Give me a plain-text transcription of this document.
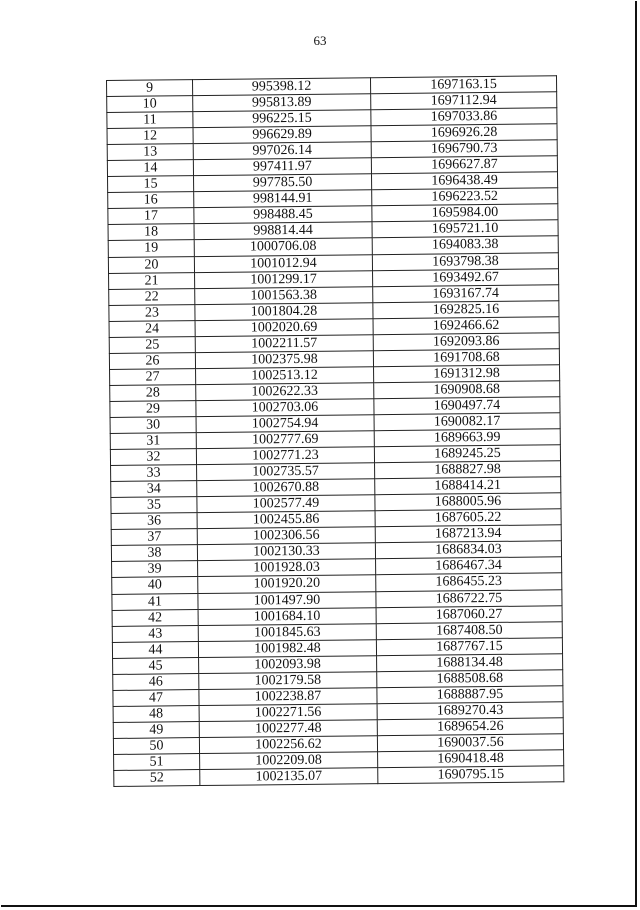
63
9	995398.12	1697163.15
10	995813.89	1697112.94
11	996225.15	1697033.86
12	996629.89	1696926.28
13	997026.14	1696790.73
14	997411.97	1696627.87
15	997785.50	1696438.49
16	998144.91	1696223.52
17	998488.45	1695984.00
18	998814.44	1695721.10
19	1000706.08	1694083.38
20	1001012.94	1693798.38
21	1001299.17	1693492.67
22	1001563.38	1693167.74
23	1001804.28	1692825.16
24	1002020.69	1692466.62
25	1002211.57	1692093.86
26	1002375.98	1691708.68
27	1002513.12	1691312.98
28	1002622.33	1690908.68
29	1002703.06	1690497.74
30	1002754.94	1690082.17
31	1002777.69	1689663.99
32	1002771.23	1689245.25
33	1002735.57	1688827.98
34	1002670.88	1688414.21
35	1002577.49	1688005.96
36	1002455.86	1687605.22
37	1002306.56	1687213.94
38	1002130.33	1686834.03
39	1001928.03	1686467.34
40	1001920.20	1686455.23
41	1001497.90	1686722.75
42	1001684.10	1687060.27
43	1001845.63	1687408.50
44	1001982.48	1687767.15
45	1002093.98	1688134.48
46	1002179.58	1688508.68
47	1002238.87	1688887.95
48	1002271.56	1689270.43
49	1002277.48	1689654.26
50	1002256.62	1690037.56
51	1002209.08	1690418.48
52	1002135.07	1690795.15
